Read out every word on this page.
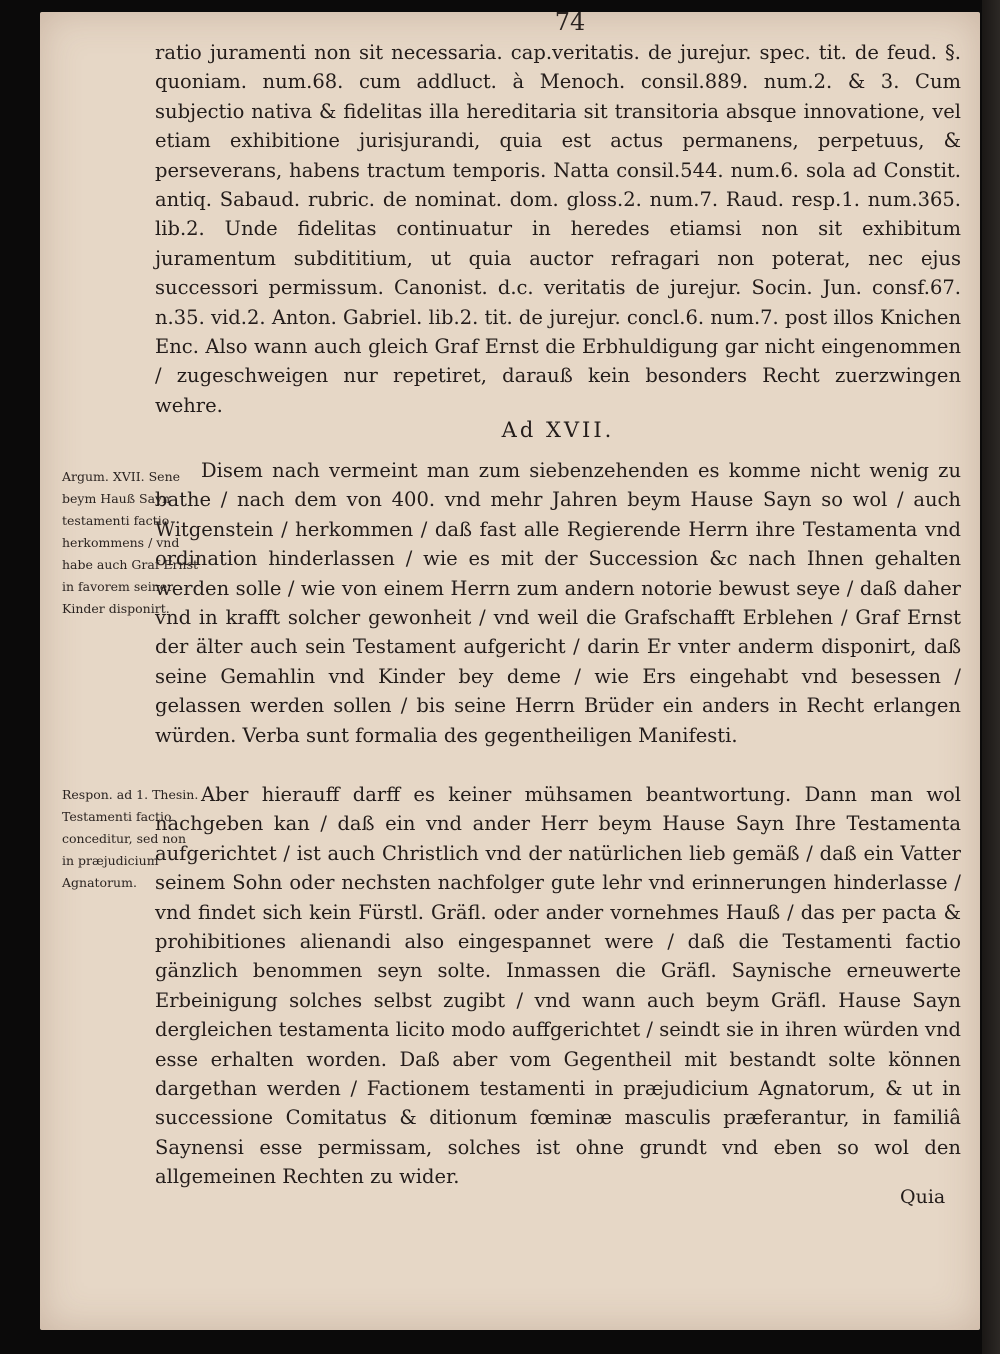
74

ratio juramenti non sit necessaria. cap.veritatis. de jurejur. spec. tit. de feud. §. quoniam. num.68. cum addluct. à Menoch. consil.889. num.2. & 3. Cum subjectio nativa & fidelitas illa hereditaria sit transitoria absque innovatione, vel etiam exhibitione jurisjurandi, quia est actus permanens, perpetuus, & perseverans, habens tractum temporis. Natta consil.544. num.6. sola ad Constit. antiq. Sabaud. rubric. de nominat. dom. gloss.2. num.7. Raud. resp.1. num.365. lib.2. Unde fidelitas continuatur in heredes etiamsi non sit exhibitum juramentum subdititium, ut quia auctor refragari non poterat, nec ejus successori permissum. Canonist. d.c. veritatis de jurejur. Socin. Jun. consf.67. n.35. vid.2. Anton. Gabriel. lib.2. tit. de jurejur. concl.6. num.7. post illos Knichen Enc. Also wann auch gleich Graf Ernst die Erbhuldigung gar nicht eingenommen / zugeschweigen nur repetiret, darauß kein besonders Recht zuerzwingen wehre.

Ad XVII.

Argum. XVII. Sene beym Hauß Sayn testamenti factio herkommens / vnd habe auch Graf Ernst in favorem seiner Kinder disponirt.

Disem nach vermeint man zum siebenzehenden es komme nicht wenig zu bathe / nach dem von 400. vnd mehr Jahren beym Hause Sayn so wol / auch Witgenstein / herkommen / daß fast alle Regierende Herrn ihre Testamenta vnd ordination hinderlassen / wie es mit der Succession &c nach Ihnen gehalten werden solle / wie von einem Herrn zum andern notorie bewust seye / daß daher vnd in krafft solcher gewonheit / vnd weil die Grafschafft Erblehen / Graf Ernst der älter auch sein Testament aufgericht / darin Er vnter anderm disponirt, daß seine Gemahlin vnd Kinder bey deme / wie Ers eingehabt vnd besessen / gelassen werden sollen / bis seine Herrn Brüder ein anders in Recht erlangen würden. Verba sunt formalia des gegentheiligen Manifesti.

Respon. ad 1. Thesin. Testamenti factio conceditur, sed non in præjudicium Agnatorum.

Aber hierauff darff es keiner mühsamen beantwortung. Dann man wol nachgeben kan / daß ein vnd ander Herr beym Hause Sayn Ihre Testamenta aufgerichtet / ist auch Christlich vnd der natürlichen lieb gemäß / daß ein Vatter seinem Sohn oder nechsten nachfolger gute lehr vnd erinnerungen hinderlasse / vnd findet sich kein Fürstl. Gräfl. oder ander vornehmes Hauß / das per pacta & prohibitiones alienandi also eingespannet were / daß die Testamenti factio gänzlich benommen seyn solte. Inmassen die Gräfl. Saynische erneuwerte Erbeinigung solches selbst zugibt / vnd wann auch beym Gräfl. Hause Sayn dergleichen testamenta licito modo auffgerichtet / seindt sie in ihren würden vnd esse erhalten worden. Daß aber vom Gegentheil mit bestandt solte können dargethan werden / Factionem testamenti in præjudicium Agnatorum, & ut in successione Comitatus & ditionum fœminæ masculis præferantur, in familiâ Saynensi esse permissam, solches ist ohne grundt vnd eben so wol den allgemeinen Rechten zu wider.

Quia
